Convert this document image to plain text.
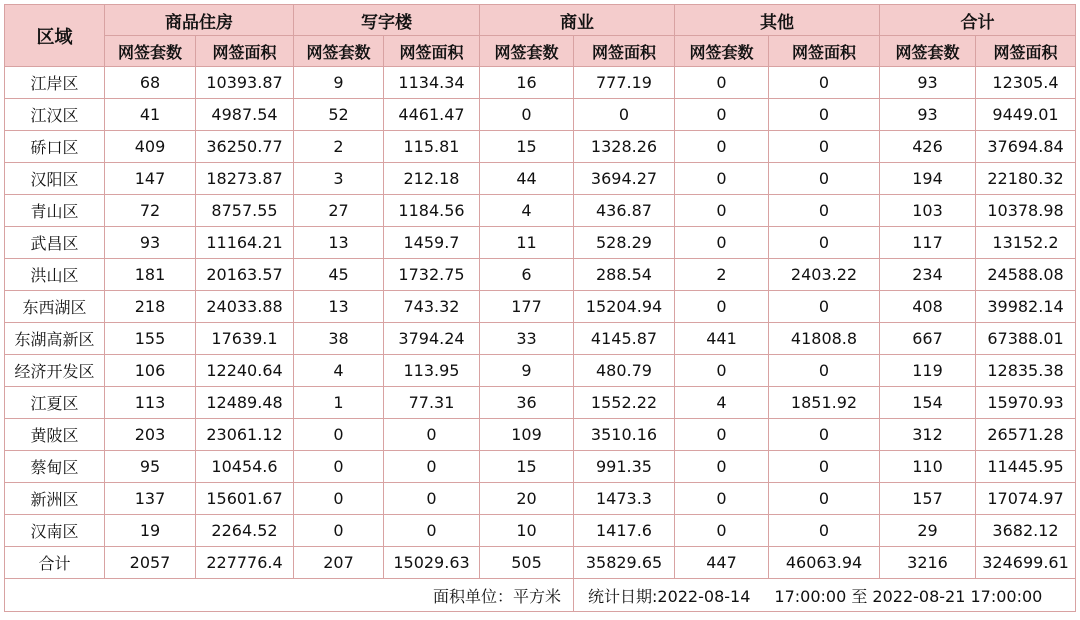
区域	商品住房		写字楼		商业		其他		合计	
	网签套数	网签面积	网签套数	网签面积	网签套数	网签面积	网签套数	网签面积	网签套数	网签面积
江岸区	68	10393.87	9	1134.34	16	777.19	0	0	93	12305.4
江汉区	41	4987.54	52	4461.47	0	0	0	0	93	9449.01
硚口区	409	36250.77	2	115.81	15	1328.26	0	0	426	37694.84
汉阳区	147	18273.87	3	212.18	44	3694.27	0	0	194	22180.32
青山区	72	8757.55	27	1184.56	4	436.87	0	0	103	10378.98
武昌区	93	11164.21	13	1459.7	11	528.29	0	0	117	13152.2
洪山区	181	20163.57	45	1732.75	6	288.54	2	2403.22	234	24588.08
东西湖区	218	24033.88	13	743.32	177	15204.94	0	0	408	39982.14
东湖高新区	155	17639.1	38	3794.24	33	4145.87	441	41808.8	667	67388.01
经济开发区	106	12240.64	4	113.95	9	480.79	0	0	119	12835.38
江夏区	113	12489.48	1	77.31	36	1552.22	4	1851.92	154	15970.93
黄陂区	203	23061.12	0	0	109	3510.16	0	0	312	26571.28
蔡甸区	95	10454.6	0	0	15	991.35	0	0	110	11445.95
新洲区	137	15601.67	0	0	20	1473.3	0	0	157	17074.97
汉南区	19	2264.52	0	0	10	1417.6	0	0	29	3682.12
合计	2057	227776.4	207	15029.63	505	35829.65	447	46063.94	3216	324699.61
面积单位：平方米						统计日期:2022-08-14 17:00:00 至 2022-08-21 17:00:00				
